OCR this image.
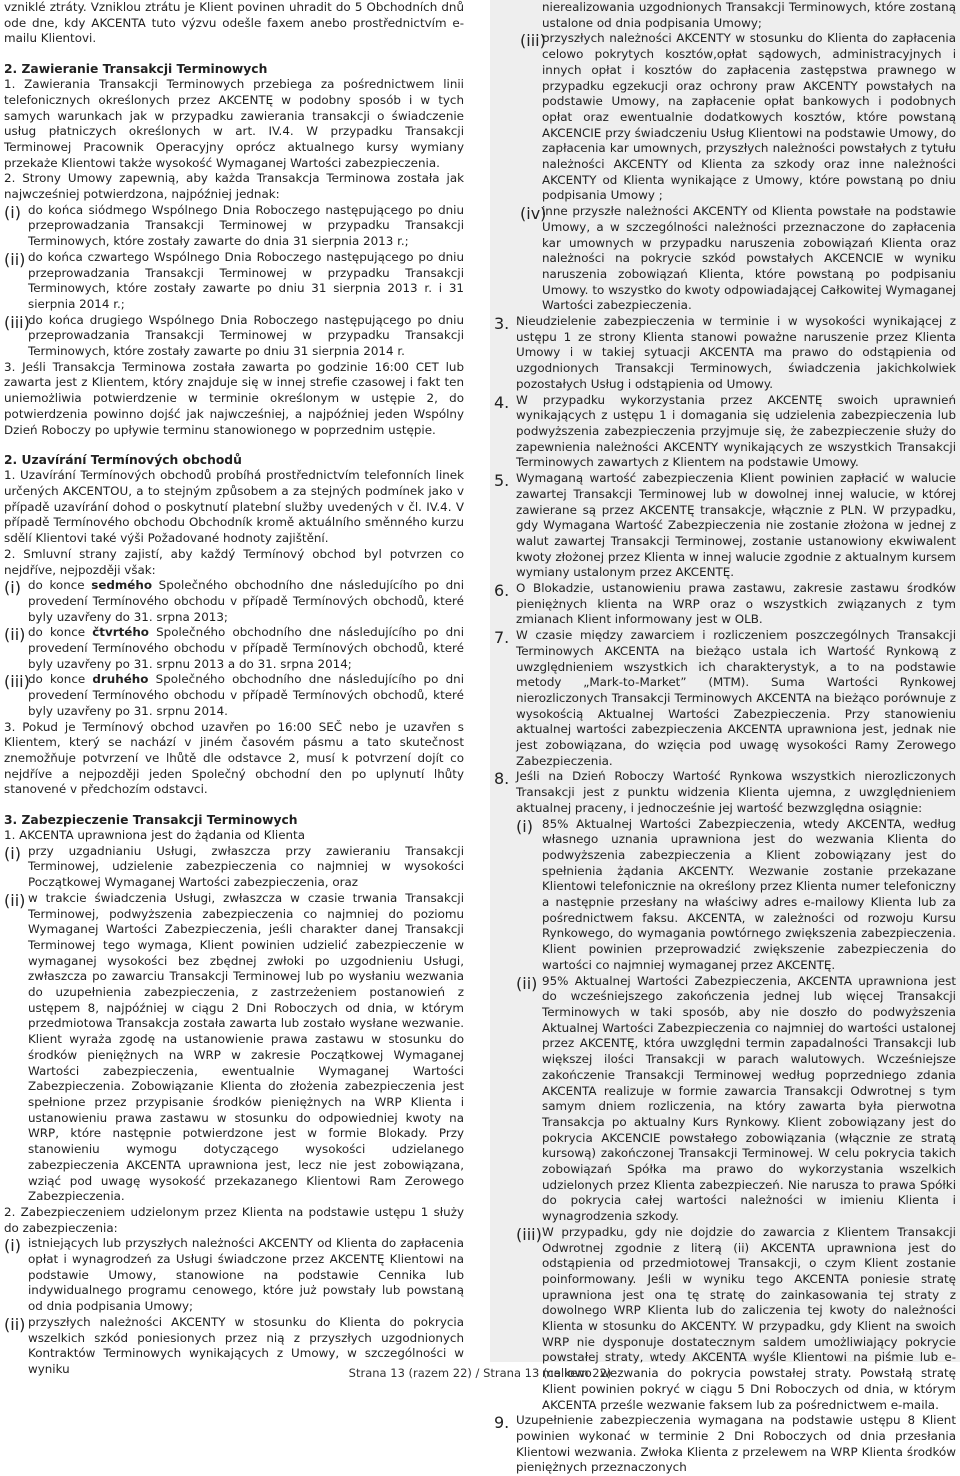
vzniklé ztráty. Vzniklou ztrátu je Klient povinen uhradit do 5 Obchodních dnů ode dne, kdy AKCENTA tuto výzvu odešle faxem anebo prostřednictvím e-mailu Klientovi.

2. Zawieranie Transakcji Terminowych

1. Zawierania Transakcji Terminowych przebiega za pośrednictwem linii telefonicznych określonych przez AKCENTĘ w podobny sposób i w tych samych warunkach jak w przypadku zawierania transakcji o świadczenie usług płatniczych określonych w art. IV.4. W przypadku Transakcji Terminowej Pracownik Operacyjny oprócz aktualnego kursy wymiany przekaże Klientowi także wysokość Wymaganej Wartości zabezpieczenia.

2. Strony Umowy zapewnią, aby każda Transakcja Terminowa została jak najwcześniej potwierdzona, najpóźniej jednak:

(i) do końca siódmego Wspólnego Dnia Roboczego następującego po dniu przeprowadzania Transakcji Terminowej w przypadku Transakcji Terminowych, które zostały zawarte do dnia 31 sierpnia 2013 r.;

(ii) do końca czwartego Wspólnego Dnia Roboczego następującego po dniu przeprowadzania Transakcji Terminowej w przypadku Transakcji Terminowych, które zostały zawarte po dniu 31 sierpnia 2013 r. i 31 sierpnia 2014 r.;

(iii)

do końca drugiego Wspólnego Dnia Roboczego następującego po dniu przeprowadzania Transakcji Terminowej w przypadku Transakcji Terminowych, które zostały zawarte po dniu 31 sierpnia 2014 r.

3. Jeśli Transakcja Terminowa została zawarta po godzinie 16:00 CET lub zawarta jest z Klientem, który znajduje się w innej strefie czasowej i fakt ten uniemożliwia potwierdzenie w terminie określonym w ustępie 2, do potwierdzenia powinno dojść jak najwcześniej, a najpóźniej jeden Wspólny Dzień Roboczy po upływie terminu stanowionego w poprzednim ustępie.

2. Uzavírání Termínových obchodů

1. Uzavírání Termínových obchodů probíhá prostřednictvím telefonních linek určených AKCENTOU, a to stejným způsobem a za stejných podmínek jako v případě uzavírání dohod o poskytnutí platební služby uvedených v čl. IV.4. V případě Termínového obchodu Obchodník kromě aktuálního směnného kurzu sdělí Klientovi také výši Požadované hodnoty zajištění.

2. Smluvní strany zajistí, aby každý Termínový obchod byl potvrzen co nejdříve, nejpozději však:

(i) do konce sedmého Společného obchodního dne následujícího po dni provedení Termínového obchodu v případě Termínových obchodů, které byly uzavřeny do 31. srpna 2013;

(ii) do konce čtvrtého Společného obchodního dne následujícího po dni provedení Termínového obchodu v případě Termínových obchodů, které byly uzavřeny po 31. srpnu 2013 a do 31. srpna 2014;

(iii)

do konce druhého Společného obchodního dne následujícího po dni provedení Termínového obchodu v případě Termínových obchodů, které byly uzavřeny po 31. srpnu 2014.

3. Pokud je Termínový obchod uzavřen po 16:00 SEČ nebo je uzavřen s Klientem, který se nachází v jiném časovém pásmu a tato skutečnost znemožňuje potvrzení ve lhůtě dle odstavce 2, musí k potvrzení dojít co nejdříve a nejpozději jeden Společný obchodní den po uplynutí lhůty stanovené v předchozím odstavci.

3. Zabezpieczenie Transakcji Terminowych

1. AKCENTA uprawniona jest do żądania od Klienta

(i) przy uzgadnianiu Usługi, zwłaszcza przy zawieraniu Transakcji Terminowej, udzielenie zabezpieczenia co najmniej w wysokości Początkowej Wymaganej Wartości zabezpieczenia, oraz

(ii) w trakcie świadczenia Usługi, zwłaszcza w czasie trwania Transakcji Terminowej, podwyższenia zabezpieczenia co najmniej do poziomu Wymaganej Wartości Zabezpieczenia, jeśli charakter danej Transakcji Terminowej tego wymaga, Klient powinien udzielić zabezpieczenie w wymaganej wysokości bez zbędnej zwłoki po uzgodnieniu Usługi, zwłaszcza po zawarciu Transakcji Terminowej lub po wysłaniu wezwania do uzupełnienia zabezpieczenia, z zastrzeżeniem postanowień z ustępem 8, najpóźniej w ciągu 2 Dni Roboczych od dnia, w którym przedmiotowa Transakcja została zawarta lub zostało wysłane wezwanie. Klient wyraża zgodę na ustanowienie prawa zastawu w stosunku do środków pieniężnych na WRP w zakresie Początkowej Wymaganej Wartości zabezpieczenia, ewentualnie Wymaganej Wartości Zabezpieczenia. Zobowiązanie Klienta do złożenia zabezpieczenia jest spełnione przez przypisanie środków pieniężnych na WRP Klienta i ustanowieniu prawa zastawu w stosunku do odpowiedniej kwoty na WRP, które następnie potwierdzone jest w formie Blokady. Przy stanowieniu wymogu dotyczącego wysokości udzielanego zabezpieczenia AKCENTA uprawniona jest, lecz nie jest zobowiązana, wziąć pod uwagę wysokość przekazanego Klientowi Ram Zerowego Zabezpieczenia.

2. Zabezpieczeniem udzielonym przez Klienta na podstawie ustępu 1 służy do zabezpieczenia:

(i) istniejących lub przyszłych należności AKCENTY od Klienta do zapłacenia opłat i wynagrodzeń za Usługi świadczone przez AKCENTĘ Klientowi na podstawie Umowy, stanowione na podstawie Cennika lub indywidualnego programu cenowego, które już powstały lub powstaną od dnia podpisania Umowy;

(ii) przyszłych należności AKCENTY w stosunku do Klienta do pokrycia wszelkich szkód poniesionych przez nią z przyszłych uzgodnionych Kontraktów Terminowych wynikających z Umowy, w szczególności w wyniku

nierealizowania uzgodnionych Transakcji Terminowych, które zostaną ustalone od dnia podpisania Umowy;

(iii)

przyszłych należności AKCENTY w stosunku do Klienta do zapłacenia celowo pokrytych kosztów,opłat sądowych, administracyjnych i innych opłat i kosztów do zapłacenia zastępstwa prawnego w przypadku egzekucji oraz ochrony praw AKCENTY powstałych na podstawie Umowy, na zapłacenie opłat bankowych i podobnych opłat oraz ewentualnie dodatkowych kosztów, które powstaną AKCENCIE przy świadczeniu Usług Klientowi na podstawie Umowy, do zapłacenia kar umownych, przyszłych należności powstałych z tytułu należności AKCENTY od Klienta za szkody oraz inne należności AKCENTY od Klienta wynikające z Umowy, które powstaną po dniu podpisania Umowy ;

(iv)

inne przyszłe należności AKCENTY od Klienta powstałe na podstawie Umowy, a w szczególności należności przeznaczone do zapłacenia kar umownych w przypadku naruszenia zobowiązań Klienta oraz należności na pokrycie szkód powstałych AKCENCIE w wyniku naruszenia zobowiązań Klienta, które powstaną po podpisaniu Umowy. to wszystko do kwoty odpowiadającej Całkowitej Wymaganej Wartości zabezpieczenia.

3. Nieudzielenie zabezpieczenia w terminie i w wysokości wynikającej z ustępu 1 ze strony Klienta stanowi poważne naruszenie przez Klienta Umowy i w takiej sytuacji AKCENTA ma prawo do odstąpienia od uzgodnionych Transakcji Terminowych, świadczenia jakichkolwiek pozostałych Usług i odstąpienia od Umowy.

4. W przypadku wykorzystania przez AKCENTĘ swoich uprawnień wynikających z ustępu 1 i domagania się udzielenia zabezpieczenia lub podwyższenia zabezpieczenia przyjmuje się, że zabezpieczenie służy do zapewnienia należności AKCENTY wynikających ze wszystkich Transakcji Terminowych zawartych z Klientem na podstawie Umowy.

5. Wymaganą wartość zabezpieczenia Klient powinien zapłacić w walucie zawartej Transakcji Terminowej lub w dowolnej innej walucie, w której zawierane są przez AKCENTĘ transakcje, włącznie z PLN. W przypadku, gdy Wymagana Wartość Zabezpieczenia nie zostanie złożona w jednej z walut zawartej Transakcji Terminowej, zostanie ustanowiony ekwiwalent kwoty złożonej przez Klienta w innej walucie zgodnie z aktualnym kursem wymiany ustalonym przez AKCENTĘ.

6. O Blokadzie, ustanowieniu prawa zastawu, zakresie zastawu środków pieniężnych klienta na WRP oraz o wszystkich związanych z tym zmianach Klient informowany jest w OLB.

7. W czasie między zawarciem i rozliczeniem poszczególnych Transakcji Terminowych AKCENTA na bieżąco ustala ich Wartość Rynkową z uwzględnieniem wszystkich ich charakterystyk, a to na podstawie metody „Mark-to-Market” (MTM). Suma Wartości Rynkowej nierozliczonych Transakcji Terminowych AKCENTA na bieżąco porównuje z wysokością Aktualnej Wartości Zabezpieczenia. Przy stanowieniu aktualnej wartości zabezpieczenia AKCENTA uprawniona jest, jednak nie jest zobowiązana, do wzięcia pod uwagę wysokości Ramy Zerowego Zabezpieczenia.

8. Jeśli na Dzień Roboczy Wartość Rynkowa wszystkich nierozliczonych Transakcji jest z punktu widzenia Klienta ujemna, z uwzględnieniem aktualnej praceny, i jednocześnie jej wartość bezwzględna osiągnie:

(i) 85% Aktualnej Wartości Zabezpieczenia, wtedy AKCENTA, według własnego uznania uprawniona jest do wezwania Klienta do podwyższenia zabezpieczenia a Klient zobowiązany jest do spełnienia żądania AKCENTY. Wezwanie zostanie przekazane Klientowi telefonicznie na określony przez Klienta numer telefoniczny a następnie przesłany na właściwy adres e-mailowy Klienta lub za pośrednictwem faksu. AKCENTA, w zależności od rozwoju Kursu Rynkowego, do wymagania powtórnego zwiększenia zabezpieczenia. Klient powinien przeprowadzić zwiększenie zabezpieczenia do wartości co najmniej wymaganej przez AKCENTĘ.

(ii) 95% Aktualnej Wartości Zabezpieczenia, AKCENTA uprawniona jest do wcześniejszego zakończenia jednej lub więcej Transakcji Terminowych w taki sposób, aby nie doszło do podwyższenia Aktualnej Wartości Zabezpieczenia co najmniej do wartości ustalonej przez AKCENTĘ, która uwzględni termin zapadalności Transakcji lub większej ilości Transakcji w parach walutowych. Wcześniejsze zakończenie Transakcji Terminowej według poprzedniego zdania AKCENTA realizuje w formie zawarcia Transakcji Odwrotnej s tym samym dniem rozliczenia, na który zawarta była pierwotna Transakcja po aktualny Kurs Rynkowy. Klient zobowiązany jest do pokrycia AKCENCIE powstałego zobowiązania (włącznie ze stratą kursową) zakończonej Transakcji Terminowej. W celu pokrycia takich zobowiązań Spółka ma prawo do wykorzystania wszelkich udzielonych przez Klienta zabezpieczeń. Nie narusza to prawa Spółki do pokrycia całej wartości należności w imieniu Klienta i wynagrodzenia szkody.

(iii) W przypadku, gdy nie dojdzie do zawarcia z Klientem Transakcji Odwrotnej zgodnie z literą (ii) AKCENTA uprawniona jest do odstąpienia od przedmiotowej Transakcji, o czym Klient zostanie poinformowany. Jeśli w wyniku tego AKCENTA poniesie stratę uprawniona jest ona tę stratę do zainkasowania tej straty z dowolnego WRP Klienta lub do zaliczenia tej kwoty do należności Klienta w stosunku do AKCENTY. W przypadku, gdy Klient na swoich WRP nie dysponuje dostatecznym saldem umożliwiający pokrycie powstałej straty, wtedy AKCENTA wyśle Klientowi na piśmie lub e-mailowo wezwania do pokrycia powstałej straty. Powstałą stratę Klient powinien pokryć w ciągu 5 Dni Roboczych od dnia, w którym AKCENTA prześle wezwanie faksem lub za pośrednictwem e-maila.

9. Uzupełnienie zabezpieczenia wymagana na podstawie ustępu 8 Klient powinien wykonać w terminie 2 Dni Roboczych od dnia przesłania Klientowi wezwania. Zwłoka Klienta z przelewem na WRP Klienta środków pieniężnych przeznaczonych

Strana 13 (razem 22) / Strana 13 (celkem 22)
